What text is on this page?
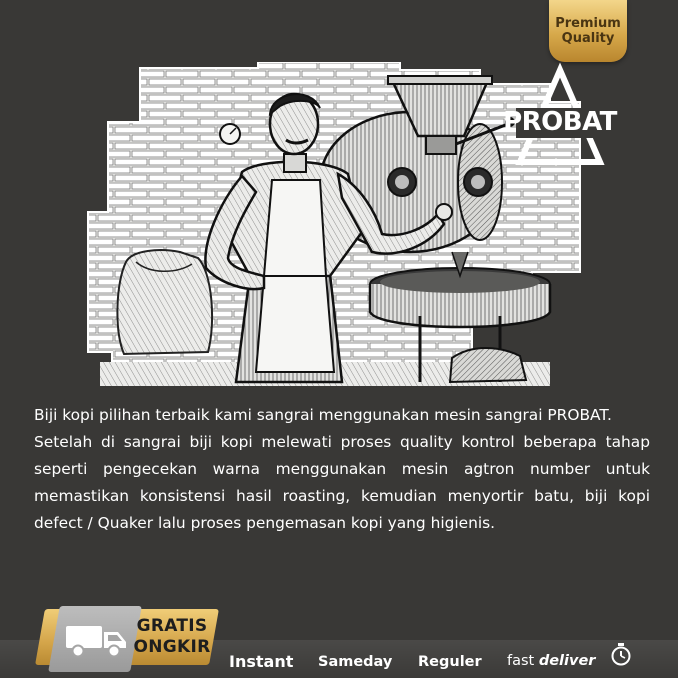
Premium
Quality
PROBAT

Biji kopi pilihan terbaik kami sangrai menggunakan mesin sangrai PROBAT.

Setelah di sangrai biji kopi melewati proses quality kontrol beberapa tahap seperti pengecekan warna menggunakan mesin agtron number untuk memastikan konsistensi hasil roasting, kemudian menyortir batu, biji kopi defect / Quaker lalu proses pengemasan kopi yang higienis.

GRATIS
ONGKIR
Instant Sameday Reguler fast deliver
